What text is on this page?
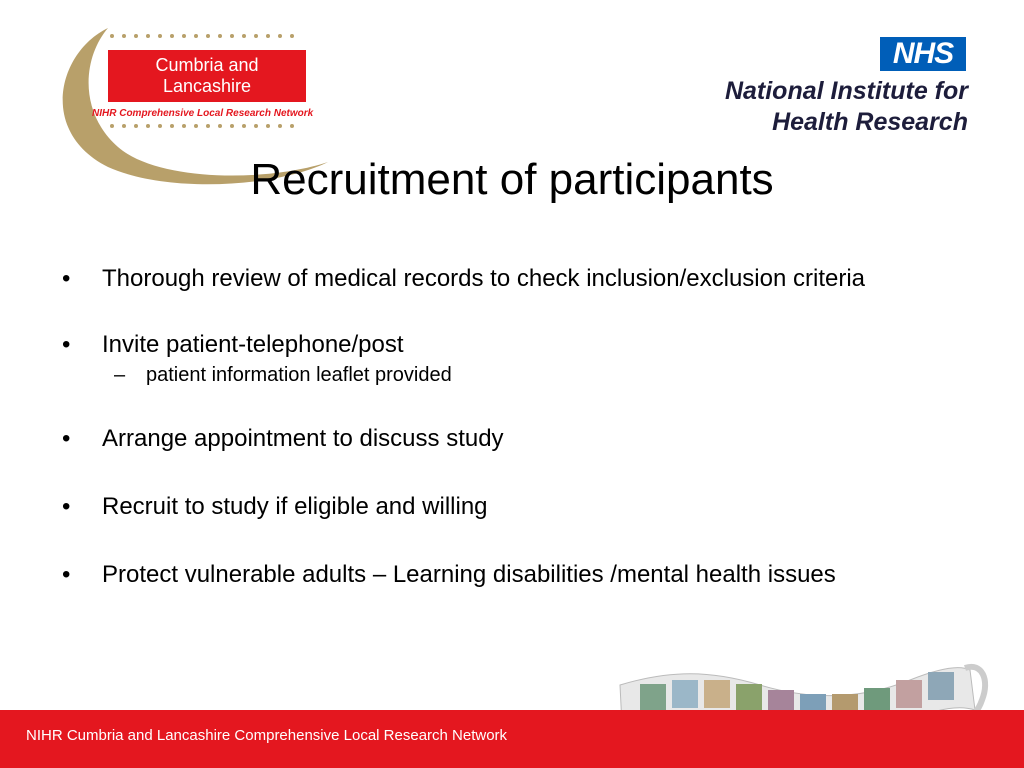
Cumbria and
Lancashire
NIHR Comprehensive Local Research Network
NHS
National Institute for
Health Research
Recruitment of participants
• Thorough review of medical records to check inclusion/exclusion criteria
• Invite patient-telephone/post
– patient information leaflet provided
• Arrange appointment to discuss study
• Recruit to study if eligible and willing
• Protect vulnerable adults – Learning disabilities /mental health issues
NIHR Cumbria and Lancashire Comprehensive Local Research Network
